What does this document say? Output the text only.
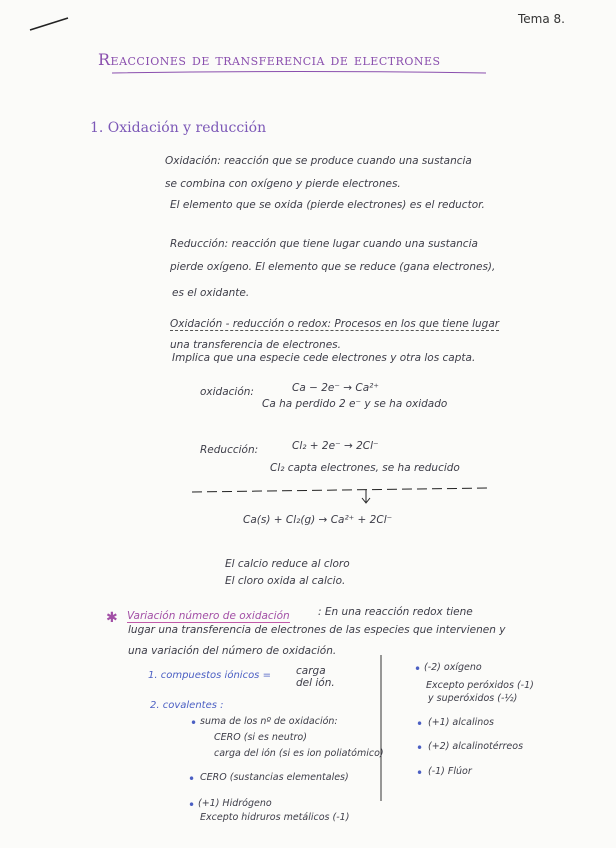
Tema 8.
Reacciones de transferencia de electrones
1. Oxidación y reducción
Oxidación: reacción que se produce cuando una sustancia
se combina con oxígeno y pierde electrones.
El elemento que se oxida (pierde electrones) es el reductor.
Reducción: reacción que tiene lugar cuando una sustancia
pierde oxígeno. El elemento que se reduce (gana electrones),
es el oxidante.
Oxidación - reducción o redox: Procesos en los que tiene lugar
una transferencia de electrones.
Implica que una especie cede electrones y otra los capta.
oxidación:	Ca − 2e⁻ → Ca²⁺
Ca ha perdido 2 e⁻ y se ha oxidado
Reducción:	Cl₂ + 2e⁻ → 2Cl⁻
Cl₂ capta electrones, se ha reducido
Ca(s) + Cl₂(g) → Ca²⁺ + 2Cl⁻
El calcio reduce al cloro
El cloro oxida al calcio.
✱ Variación número de oxidación	: En una reacción redox tiene
lugar una transferencia de electrones de las especies que intervienen y
una variación del número de oxidación.
1. compuestos iónicos = carga
del ión.
2. covalentes :
• suma de los nº de oxidación:
CERO (si es neutro)
carga del ión (si es ion poliatómico)
• CERO (sustancias elementales)
• (+1) Hidrógeno
Excepto hidruros metálicos (-1)
• (-2) oxígeno
Excepto peróxidos (-1)
y superóxidos (-½)
• (+1) alcalinos
• (+2) alcalinotérreos
• (-1) Flúor
